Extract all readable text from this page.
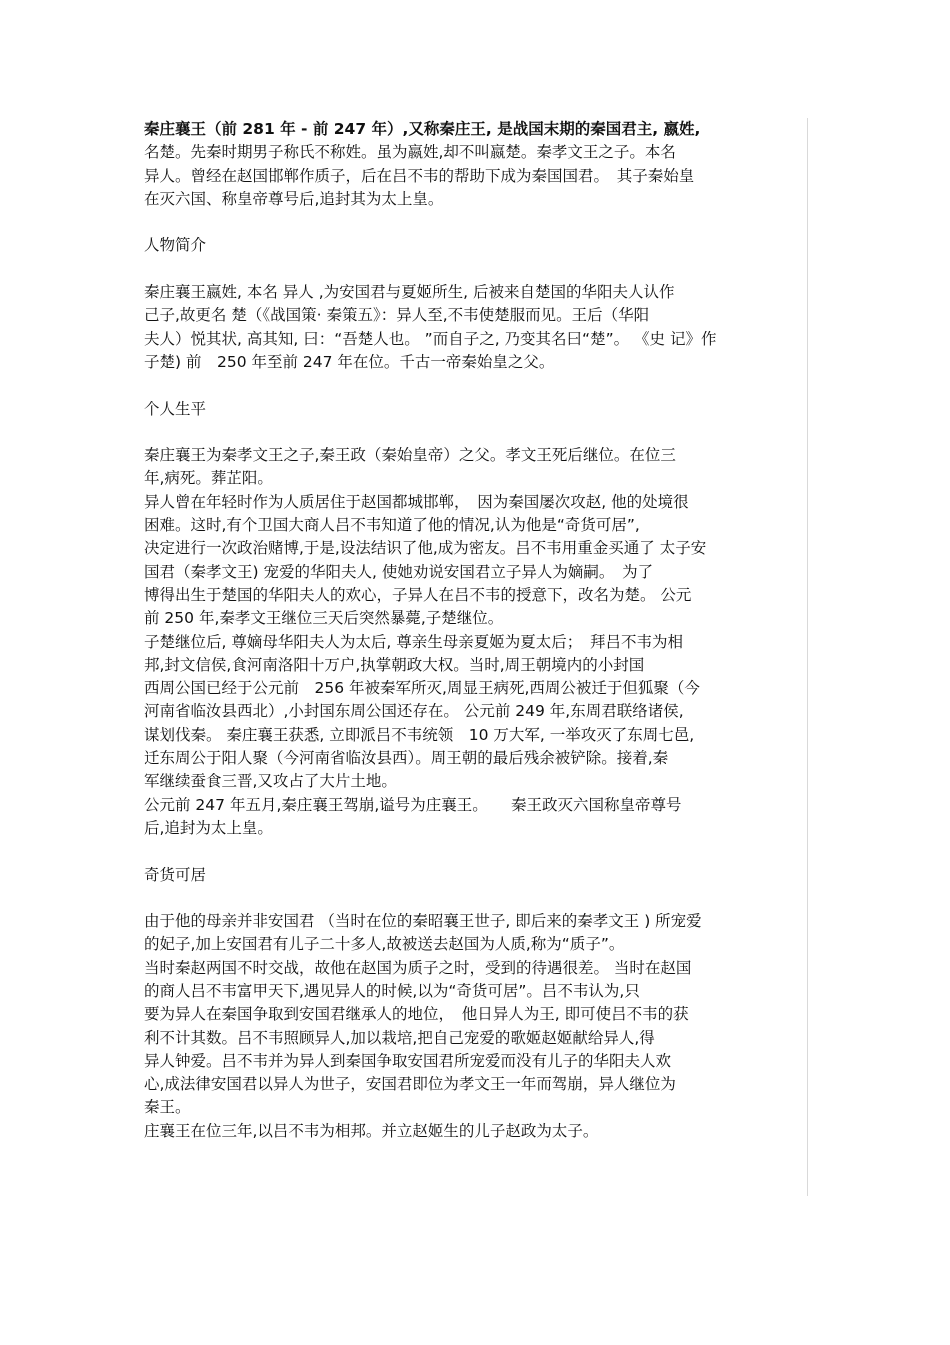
秦庄襄王（前 281 年 - 前 247 年）,又称秦庄王, 是战国末期的秦国君主, 嬴姓,
名楚。先秦时期男子称氏不称姓。虽为嬴姓,却不叫嬴楚。秦孝文王之子。本名
异人。曾经在赵国邯郸作质子，后在吕不韦的帮助下成为秦国国君。　其子秦始皇
在灭六国、称皇帝尊号后,追封其为太上皇。
人物简介
秦庄襄王嬴姓, 本名 异人 ,为安国君与夏姬所生, 后被来自楚国的华阳夫人认作
己子,故更名 楚（《战国策· 秦策五》：异人至,不韦使楚服而见。王后（华阳
夫人）悦其状, 高其知, 曰：“吾楚人也。 ”而自子之, 乃变其名曰“楚”。 《史 记》作
子楚) 前　250 年至前 247 年在位。千古一帝秦始皇之父。
个人生平
秦庄襄王为秦孝文王之子,秦王政（秦始皇帝）之父。孝文王死后继位。在位三
年,病死。葬芷阳。
异人曾在年轻时作为人质居住于赵国都城邯郸，　因为秦国屡次攻赵, 他的处境很
困难。这时,有个卫国大商人吕不韦知道了他的情况,认为他是“奇货可居”,
决定进行一次政治赌博,于是,设法结识了他,成为密友。吕不韦用重金买通了 太子安
国君（秦孝文王) 宠爱的华阳夫人, 使她劝说安国君立子异人为嫡嗣。　为了
博得出生于楚国的华阳夫人的欢心，子异人在吕不韦的授意下，改名为楚。 公元
前 250 年,秦孝文王继位三天后突然暴薨,子楚继位。
子楚继位后, 尊嫡母华阳夫人为太后, 尊亲生母亲夏姬为夏太后；　拜吕不韦为相
邦,封文信侯,食河南洛阳十万户,执掌朝政大权。当时,周王朝境内的小封国
西周公国已经于公元前　256 年被秦军所灭,周显王病死,西周公被迁于但狐聚（今
河南省临汝县西北）,小封国东周公国还存在。 公元前 249 年,东周君联络诸侯,
谋划伐秦。 秦庄襄王获悉, 立即派吕不韦统领　10 万大军, 一举攻灭了东周七邑,
迁东周公于阳人聚（今河南省临汝县西）。周王朝的最后残余被铲除。接着,秦
军继续蚕食三晋,又攻占了大片土地。
公元前 247 年五月,秦庄襄王驾崩,谥号为庄襄王。　　秦王政灭六国称皇帝尊号
后,追封为太上皇。
奇货可居
由于他的母亲并非安国君 （当时在位的秦昭襄王世子, 即后来的秦孝文王 ) 所宠爱
的妃子,加上安国君有儿子二十多人,故被送去赵国为人质,称为“质子”。
当时秦赵两国不时交战，故他在赵国为质子之时，受到的待遇很差。 当时在赵国
的商人吕不韦富甲天下,遇见异人的时候,以为“奇货可居”。吕不韦认为,只
要为异人在秦国争取到安国君继承人的地位，　他日异人为王, 即可使吕不韦的获
利不计其数。吕不韦照顾异人,加以栽培,把自己宠爱的歌姬赵姬献给异人,得
异人钟爱。吕不韦并为异人到秦国争取安国君所宠爱而没有儿子的华阳夫人欢
心,成法律安国君以异人为世子，安国君即位为孝文王一年而驾崩，异人继位为
秦王。
庄襄王在位三年,以吕不韦为相邦。并立赵姬生的儿子赵政为太子。
